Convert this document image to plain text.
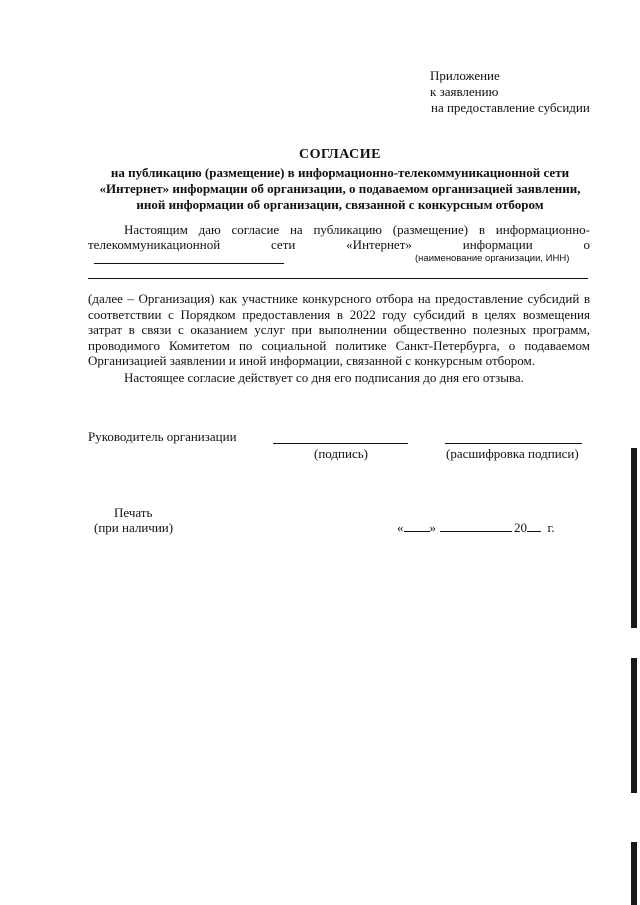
Приложение
к заявлению
на предоставление субсидии
СОГЛАСИЕ
на публикацию (размещение) в информационно-телекоммуникационной сети
«Интернет» информации об организации, о подаваемом организацией заявлении,
иной информации об организации, связанной с конкурсным отбором
Настоящим даю согласие на публикацию (размещение) в информационно-телекоммуникационной сети «Интернет» информации о
(наименование организации, ИНН)
(далее – Организация) как участнике конкурсного отбора на предоставление субсидий в соответствии с Порядком предоставления в 2022 году субсидий в целях возмещения затрат в связи с оказанием услуг при выполнении общественно полезных программ, проводимого Комитетом по социальной политике Санкт-Петербурга, о подаваемом Организацией заявлении и иной информации, связанной с конкурсным отбором.
Настоящее согласие действует со дня его подписания до дня его отзыва.
Руководитель организации
(подпись)	(расшифровка подписи)
Печать
(при наличии)	« »	20 г.
